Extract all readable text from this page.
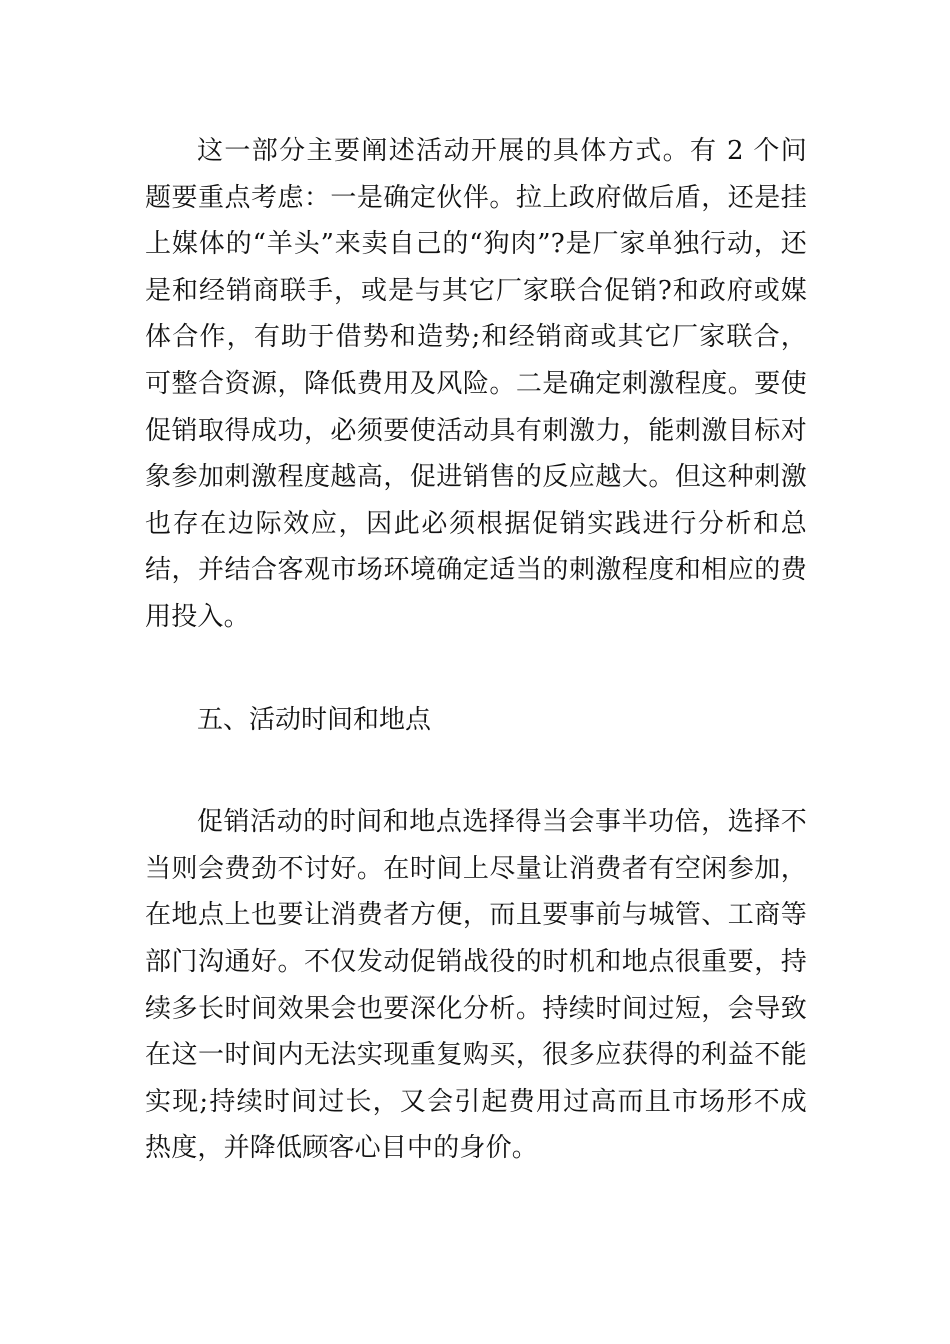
这一部分主要阐述活动开展的具体方式。有 2 个问题要重点考虑：一是确定伙伴。拉上政府做后盾，还是挂上媒体的“羊头”来卖自己的“狗肉”?是厂家单独行动，还是和经销商联手，或是与其它厂家联合促销?和政府或媒体合作，有助于借势和造势;和经销商或其它厂家联合，可整合资源，降低费用及风险。二是确定刺激程度。要使促销取得成功，必须要使活动具有刺激力，能刺激目标对象参加刺激程度越高，促进销售的反应越大。但这种刺激也存在边际效应，因此必须根据促销实践进行分析和总结，并结合客观市场环境确定适当的刺激程度和相应的费用投入。

五、活动时间和地点

促销活动的时间和地点选择得当会事半功倍，选择不当则会费劲不讨好。在时间上尽量让消费者有空闲参加，在地点上也要让消费者方便，而且要事前与城管、工商等部门沟通好。不仅发动促销战役的时机和地点很重要，持续多长时间效果会也要深化分析。持续时间过短，会导致在这一时间内无法实现重复购买，很多应获得的利益不能实现;持续时间过长，又会引起费用过高而且市场形不成热度，并降低顾客心目中的身价。
